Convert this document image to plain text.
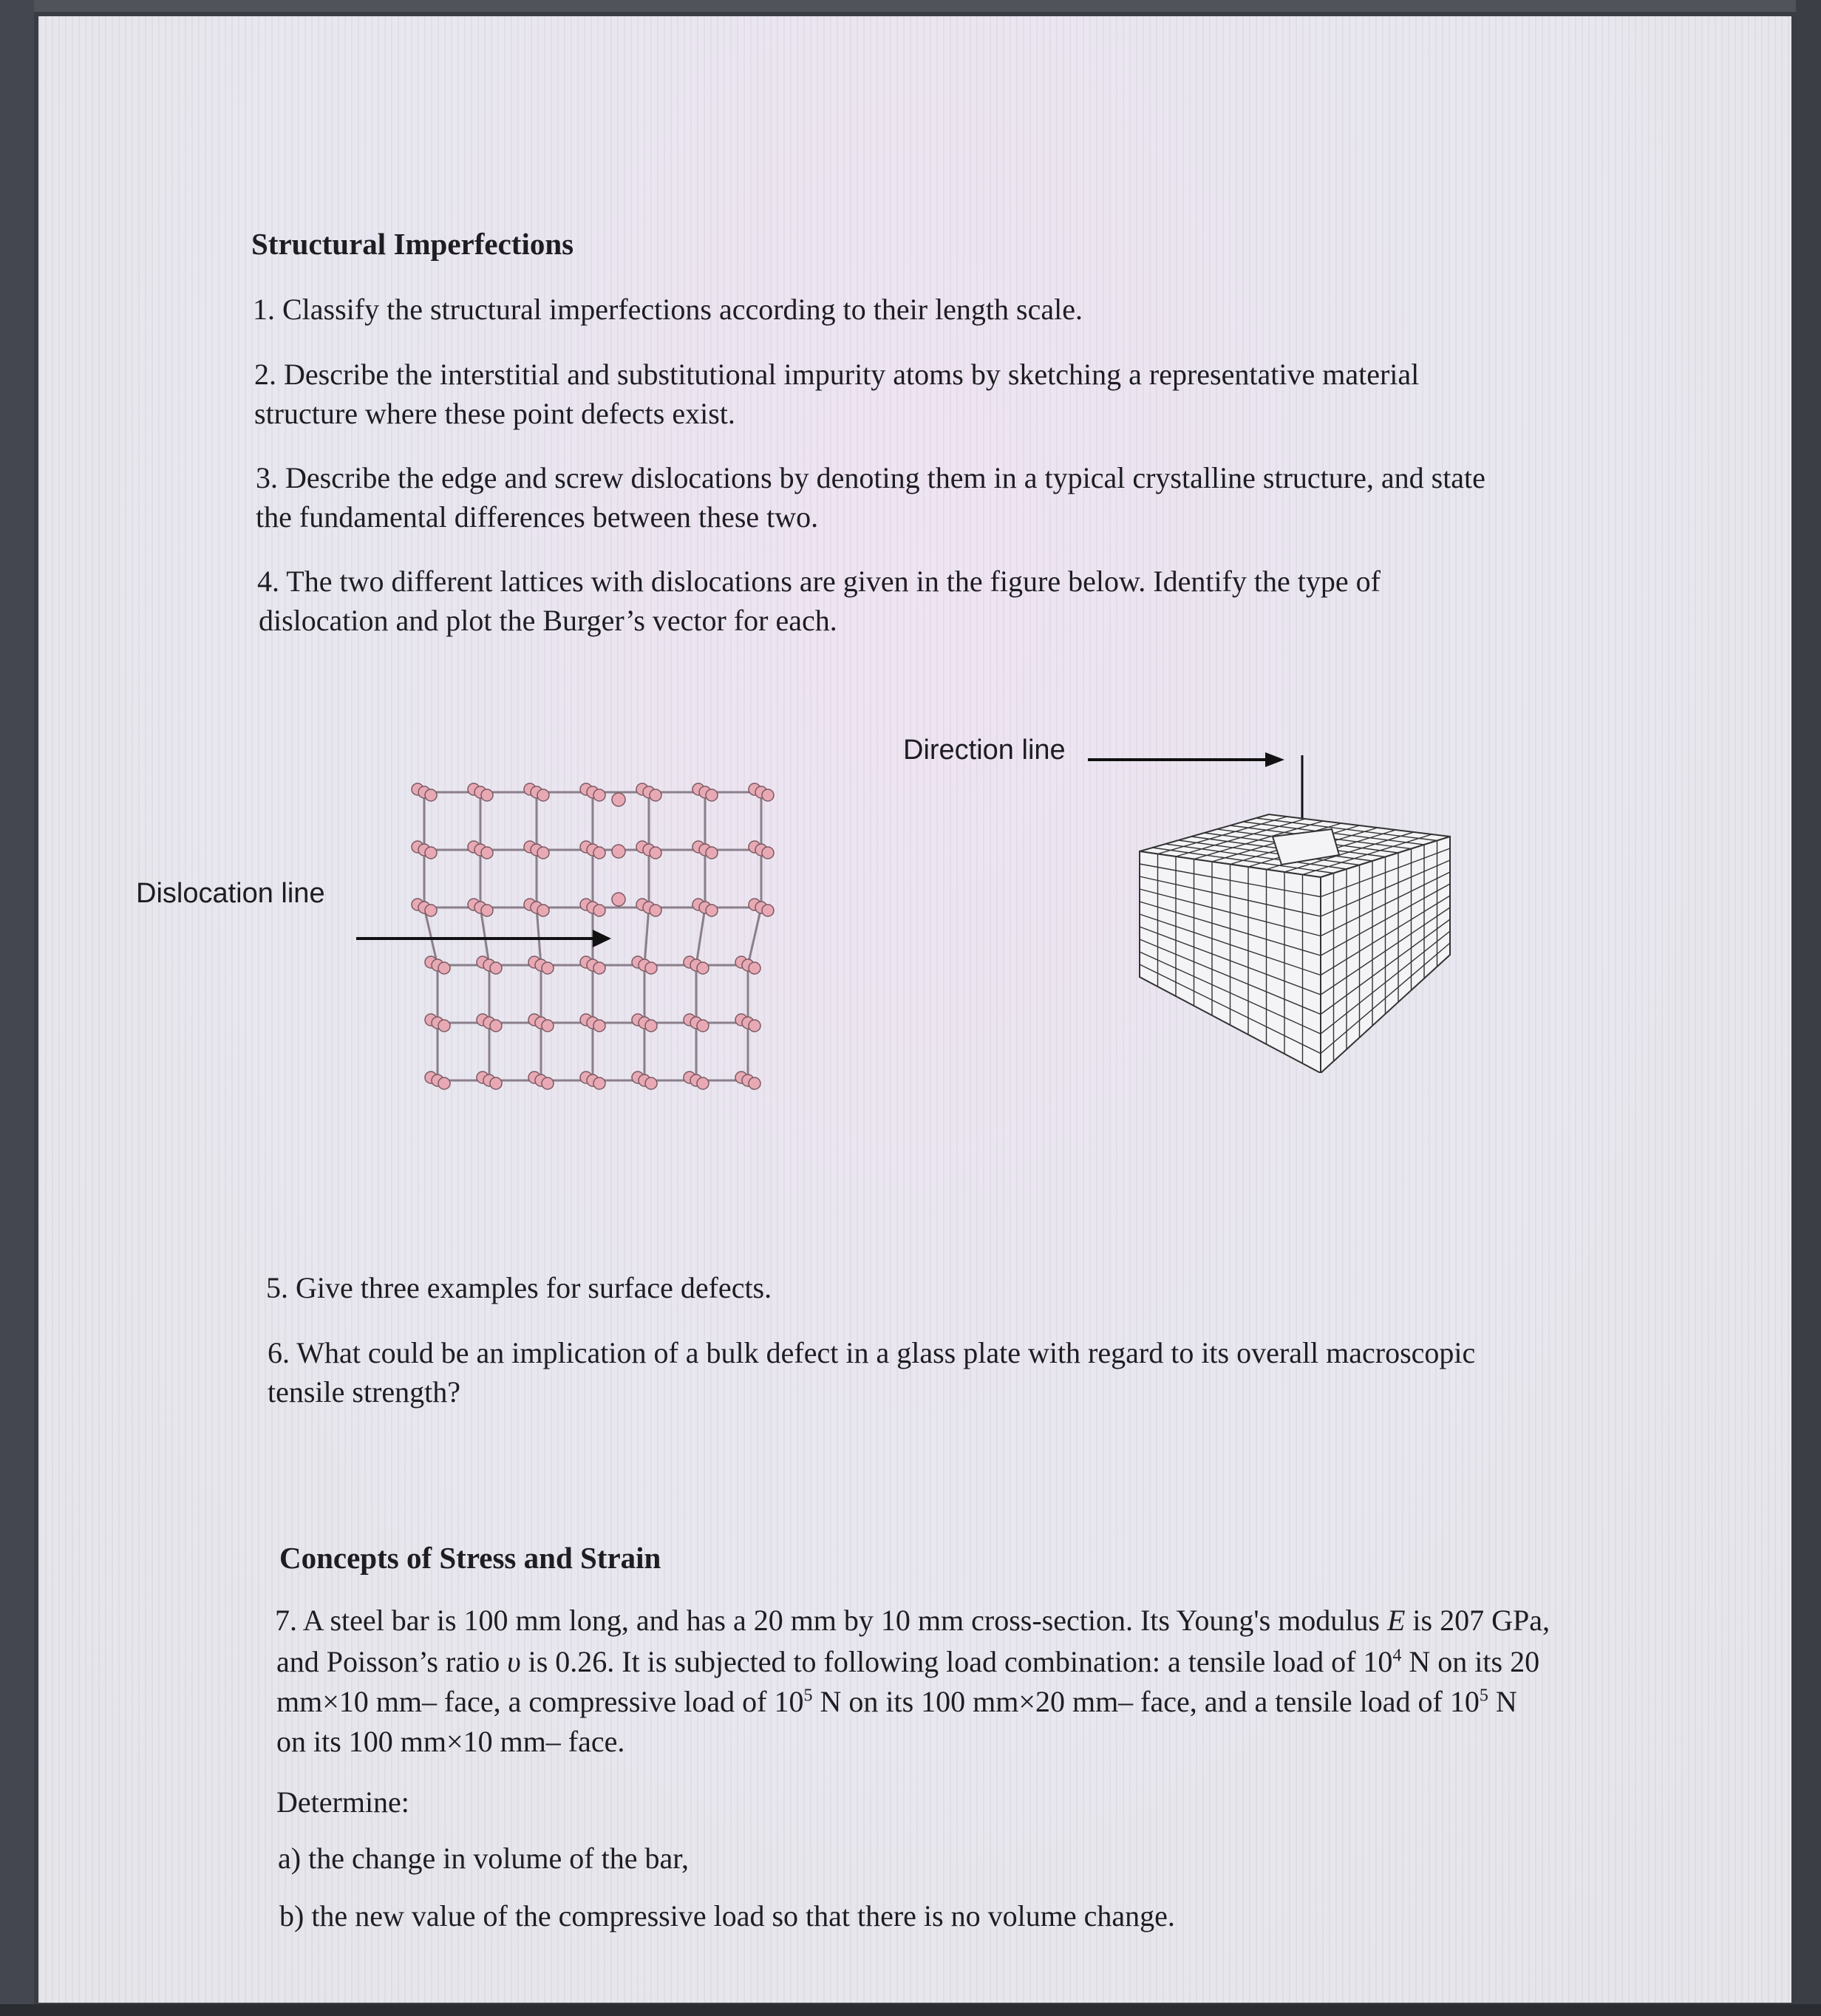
Structural Imperfections
1. Classify the structural imperfections according to their length scale.
2. Describe the interstitial and substitutional impurity atoms by sketching a representative material
structure where these point defects exist.
3. Describe the edge and screw dislocations by denoting them in a typical crystalline structure, and state
the fundamental differences between these two.
4. The two different lattices with dislocations are given in the figure below. Identify the type of
dislocation and plot the Burger’s vector for each.
Dislocation line
Direction line
5. Give three examples for surface defects.
6. What could be an implication of a bulk defect in a glass plate with regard to its overall macroscopic
tensile strength?
Concepts of Stress and Strain
7. A steel bar is 100 mm long, and has a 20 mm by 10 mm cross-section. Its Young's modulus E is 207 GPa,
and Poisson’s ratio υ is 0.26. It is subjected to following load combination: a tensile load of $10^4$ N on its 20
mm×10 mm– face, a compressive load of $10^5$ N on its 100 mm×20 mm– face, and a tensile load of $10^5$ N
on its 100 mm×10 mm– face.
Determine:
a) the change in volume of the bar,
b) the new value of the compressive load so that there is no volume change.
